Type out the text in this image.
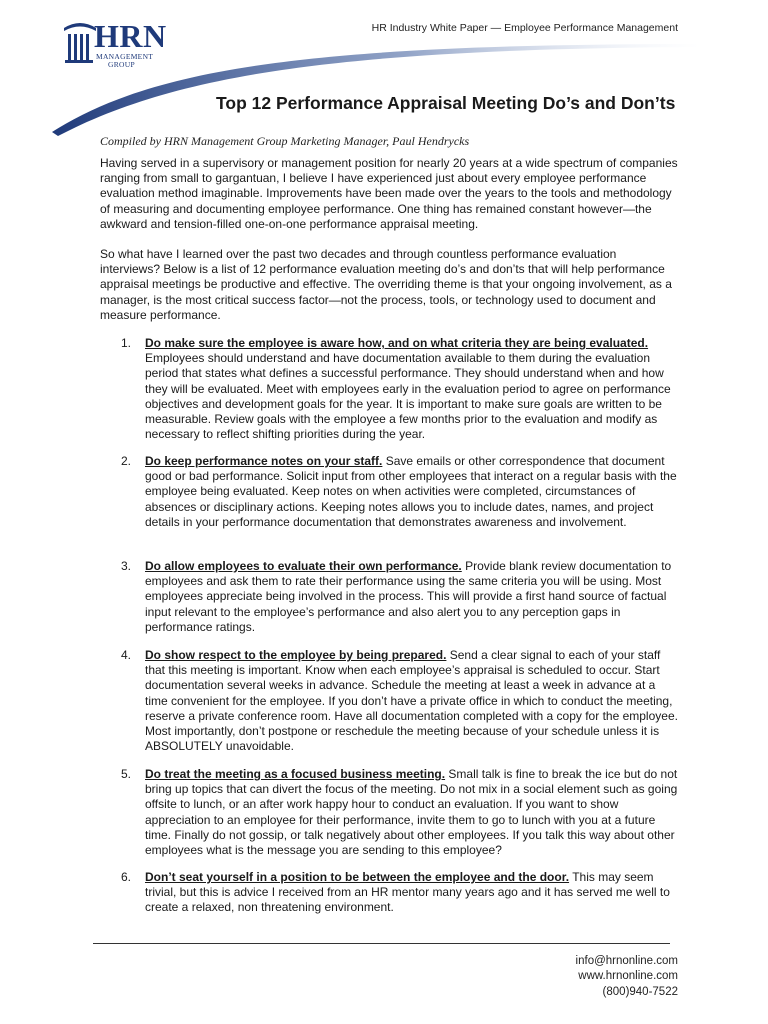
HRN
MANAGEMENT
GROUP
HR Industry White Paper — Employee Performance Management
Top 12 Performance Appraisal Meeting Do’s and Don’ts
Compiled by HRN Management Group Marketing Manager, Paul Hendrycks

Having served in a supervisory or management position for nearly 20 years at a wide spectrum of companies ranging from small to gargantuan, I believe I have experienced just about every employee performance evaluation method imaginable. Improvements have been made over the years to the tools and methodology of measuring and documenting employee performance. One thing has remained constant however—the awkward and tension-filled one-on-one performance appraisal meeting.

So what have I learned over the past two decades and through countless performance evaluation interviews? Below is a list of 12 performance evaluation meeting do’s and don’ts that will help performance appraisal meetings be productive and effective. The overriding theme is that your ongoing involvement, as a manager, is the most critical success factor—not the process, tools, or technology used to document and measure performance.

1.	Do make sure the employee is aware how, and on what criteria they are being evaluated. Employees should understand and have documentation available to them during the evaluation period that states what defines a successful performance. They should understand when and how they will be evaluated. Meet with employees early in the evaluation period to agree on performance objectives and development goals for the year. It is important to make sure goals are written to be measurable. Review goals with the employee a few months prior to the evaluation and modify as necessary to reflect shifting priorities during the year.
2.	Do keep performance notes on your staff. Save emails or other correspondence that document good or bad performance. Solicit input from other employees that interact on a regular basis with the employee being evaluated. Keep notes on when activities were completed, circumstances of absences or disciplinary actions. Keeping notes allows you to include dates, names, and project details in your performance documentation that demonstrates awareness and involvement.
3.	Do allow employees to evaluate their own performance. Provide blank review documentation to employees and ask them to rate their performance using the same criteria you will be using. Most employees appreciate being involved in the process. This will provide a first hand source of factual input relevant to the employee’s performance and also alert you to any perception gaps in performance ratings.
4.	Do show respect to the employee by being prepared. Send a clear signal to each of your staff that this meeting is important. Know when each employee’s appraisal is scheduled to occur. Start documentation several weeks in advance. Schedule the meeting at least a week in advance at a time convenient for the employee. If you don’t have a private office in which to conduct the meeting, reserve a private conference room. Have all documentation completed with a copy for the employee. Most importantly, don’t postpone or reschedule the meeting because of your schedule unless it is ABSOLUTELY unavoidable.
5.	Do treat the meeting as a focused business meeting. Small talk is fine to break the ice but do not bring up topics that can divert the focus of the meeting. Do not mix in a social element such as going offsite to lunch, or an after work happy hour to conduct an evaluation. If you want to show appreciation to an employee for their performance, invite them to go to lunch with you at a future time. Finally do not gossip, or talk negatively about other employees. If you talk this way about other employees what is the message you are sending to this employee?
6.	Don’t seat yourself in a position to be between the employee and the door. This may seem trivial, but this is advice I received from an HR mentor many years ago and it has served me well to create a relaxed, non threatening environment.
info@hrnonline.com
www.hrnonline.com
(800)940-7522
